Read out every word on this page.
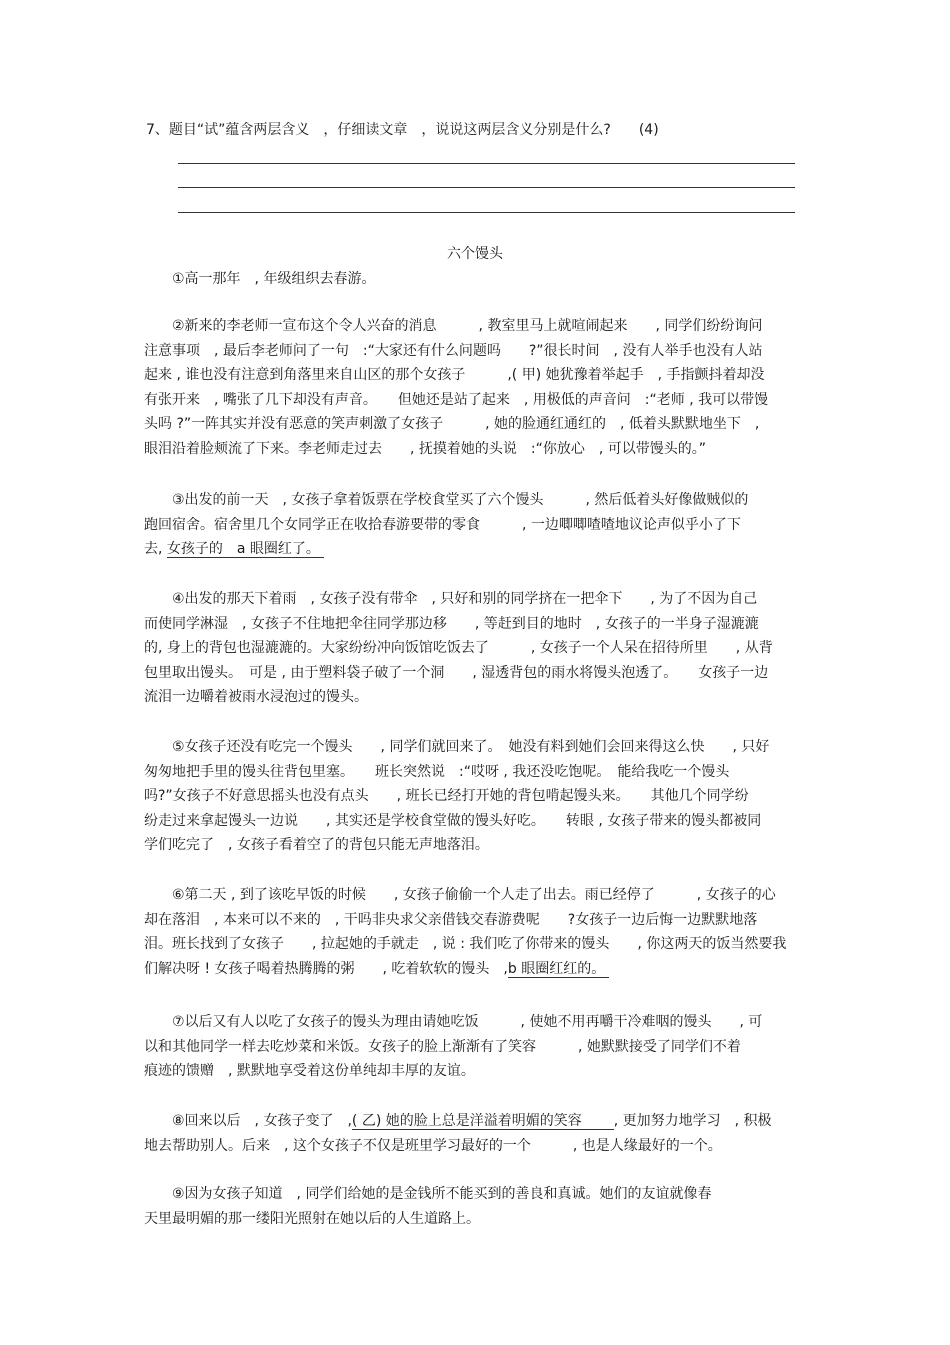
7、题目“试”蕴含两层含义　，仔细读文章　，说说这两层含义分别是什么?　　(4)
六个馒头
　　①高一那年　, 年级组织去春游。
　　②新来的李老师一宣布这个令人兴奋的消息　　　, 教室里马上就喧闹起来　　, 同学们纷纷询问
注意事项　, 最后李老师问了一句　:“大家还有什么问题吗　　?”很长时间　, 没有人举手也没有人站
起来 , 谁也没有注意到角落里来自山区的那个女孩子　　　,( 甲) 她犹豫着举起手　, 手指颤抖着却没
有张开来　, 嘴张了几下却没有声音。　　但她还是站了起来　, 用极低的声音问　:“老师 , 我可以带馒
头吗 ?”一阵其实并没有恶意的笑声刺激了女孩子　　　, 她的脸通红通红的　, 低着头默默地坐下　,
眼泪沿着脸颊流了下来。李老师走过去　　, 抚摸着她的头说　:“你放心　, 可以带馒头的。”
　　③出发的前一天　, 女孩子拿着饭票在学校食堂买了六个馒头　　　, 然后低着头好像做贼似的
跑回宿舍。宿舍里几个女同学正在收拾春游要带的零食　　　, 一边唧唧喳喳地议论声似乎小了下
去, 女孩子的　a 眼圈红了。
　　④出发的那天下着雨　, 女孩子没有带伞　, 只好和别的同学挤在一把伞下　　, 为了不因为自己
而使同学淋湿　, 女孩子不住地把伞往同学那边移　　, 等赶到目的地时　, 女孩子的一半身子湿漉漉
的, 身上的背包也湿漉漉的。大家纷纷冲向饭馆吃饭去了　　　, 女孩子一个人呆在招待所里　　, 从背
包里取出馒头。　可是 , 由于塑料袋子破了一个洞　　, 湿透背包的雨水将馒头泡透了。　　女孩子一边
流泪一边嚼着被雨水浸泡过的馒头。
　　⑤女孩子还没有吃完一个馒头　　, 同学们就回来了。　她没有料到她们会回来得这么快　　, 只好
匆匆地把手里的馒头往背包里塞。　　班长突然说　:“哎呀 , 我还没吃饱呢。　能给我吃一个馒头
吗?”女孩子不好意思摇头也没有点头　　, 班长已经打开她的背包啃起馒头来。　　其他几个同学纷
纷走过来拿起馒头一边说　　, 其实还是学校食堂做的馒头好吃。　　转眼 , 女孩子带来的馒头都被同
学们吃完了　, 女孩子看着空了的背包只能无声地落泪。
　　⑥第二天 , 到了该吃早饭的时候　　, 女孩子偷偷一个人走了出去。雨已经停了　　　, 女孩子的心
却在落泪　, 本来可以不来的　, 干吗非央求父亲借钱交春游费呢　　?女孩子一边后悔一边默默地落
泪。班长找到了女孩子　　, 拉起她的手就走　, 说 : 我们吃了你带来的馒头　　, 你这两天的饭当然要我
们解决呀 ! 女孩子喝着热腾腾的粥　　, 吃着软软的馒头　,b 眼圈红红的。
　　⑦以后又有人以吃了女孩子的馒头为理由请她吃饭　　　, 使她不用再嚼干冷难咽的馒头　　, 可
以和其他同学一样去吃炒菜和米饭。女孩子的脸上渐渐有了笑容　　　, 她默默接受了同学们不着
痕迹的馈赠　, 默默地享受着这份单纯却丰厚的友谊。
　　⑧回来以后　, 女孩子变了　,( 乙) 她的脸上总是洋溢着明媚的笑容　　, 更加努力地学习　, 积极
地去帮助别人。后来　, 这个女孩子不仅是班里学习最好的一个　　　, 也是人缘最好的一个。
　　⑨因为女孩子知道　, 同学们给她的是金钱所不能买到的善良和真诚。她们的友谊就像春
天里最明媚的那一缕阳光照射在她以后的人生道路上。
